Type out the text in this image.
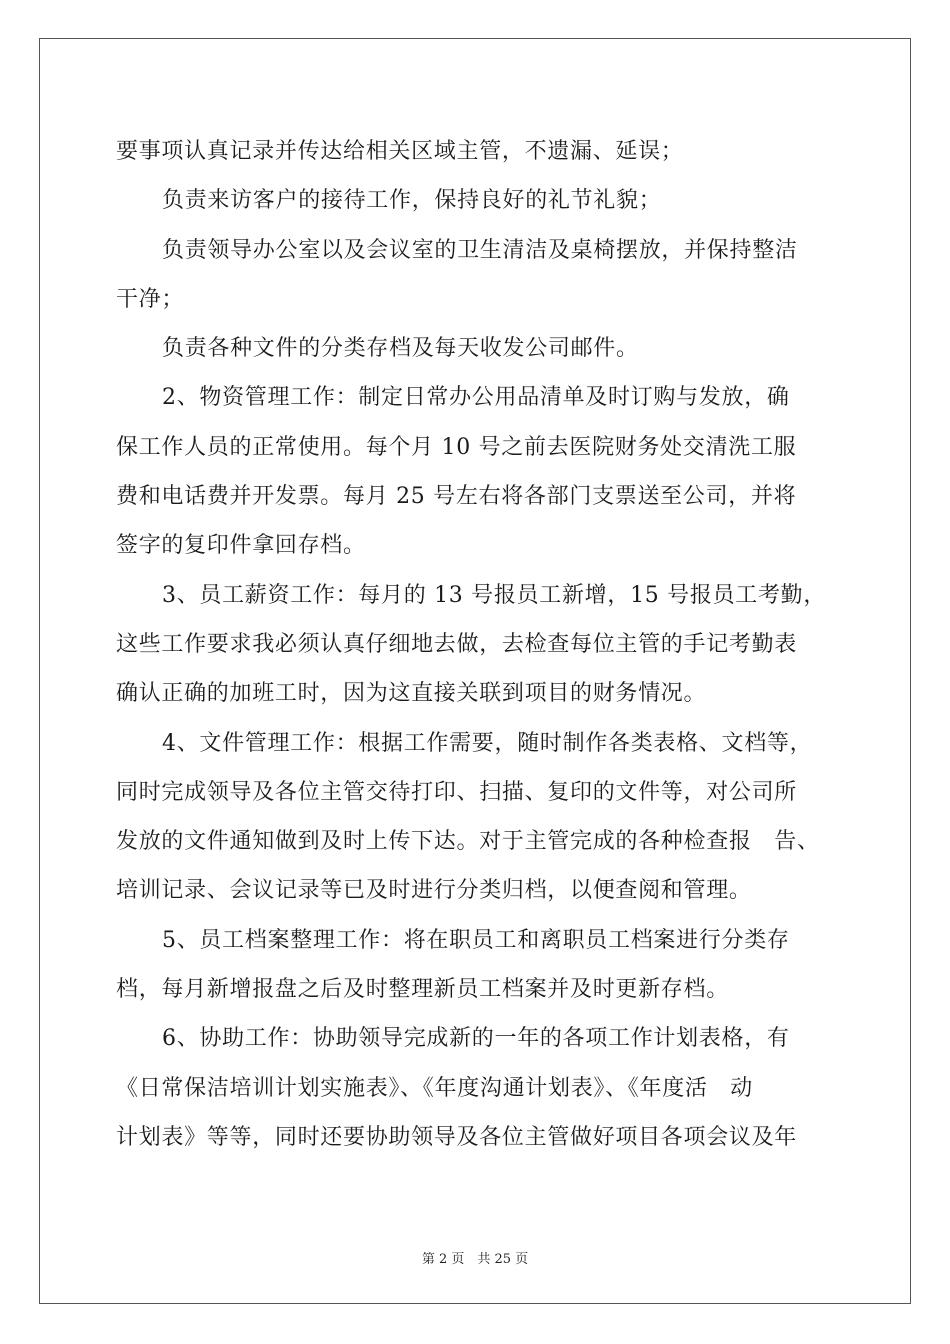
要事项认真记录并传达给相关区域主管，不遗漏、延误；
负责来访客户的接待工作，保持良好的礼节礼貌；
负责领导办公室以及会议室的卫生清洁及桌椅摆放，并保持整洁
干净；
负责各种文件的分类存档及每天收发公司邮件。
2、物资管理工作：制定日常办公用品清单及时订购与发放，确
保工作人员的正常使用。每个月 10 号之前去医院财务处交清洗工服
费和电话费并开发票。每月 25 号左右将各部门支票送至公司，并将
签字的复印件拿回存档。
3、员工薪资工作：每月的 13 号报员工新增，15 号报员工考勤，
这些工作要求我必须认真仔细地去做，去检查每位主管的手记考勤表
确认正确的加班工时，因为这直接关联到项目的财务情况。
4、文件管理工作：根据工作需要，随时制作各类表格、文档等，
同时完成领导及各位主管交待打印、扫描、复印的文件等，对公司所
发放的文件通知做到及时上传下达。对于主管完成的各种检查报　告、
培训记录、会议记录等已及时进行分类归档，以便查阅和管理。
5、员工档案整理工作：将在职员工和离职员工档案进行分类存
档，每月新增报盘之后及时整理新员工档案并及时更新存档。
6、协助工作：协助领导完成新的一年的各项工作计划表格，有
《日常保洁培训计划实施表》、《年度沟通计划表》、《年度活　动
计划表》等等，同时还要协助领导及各位主管做好项目各项会议及年
第 2 页　共 25 页
